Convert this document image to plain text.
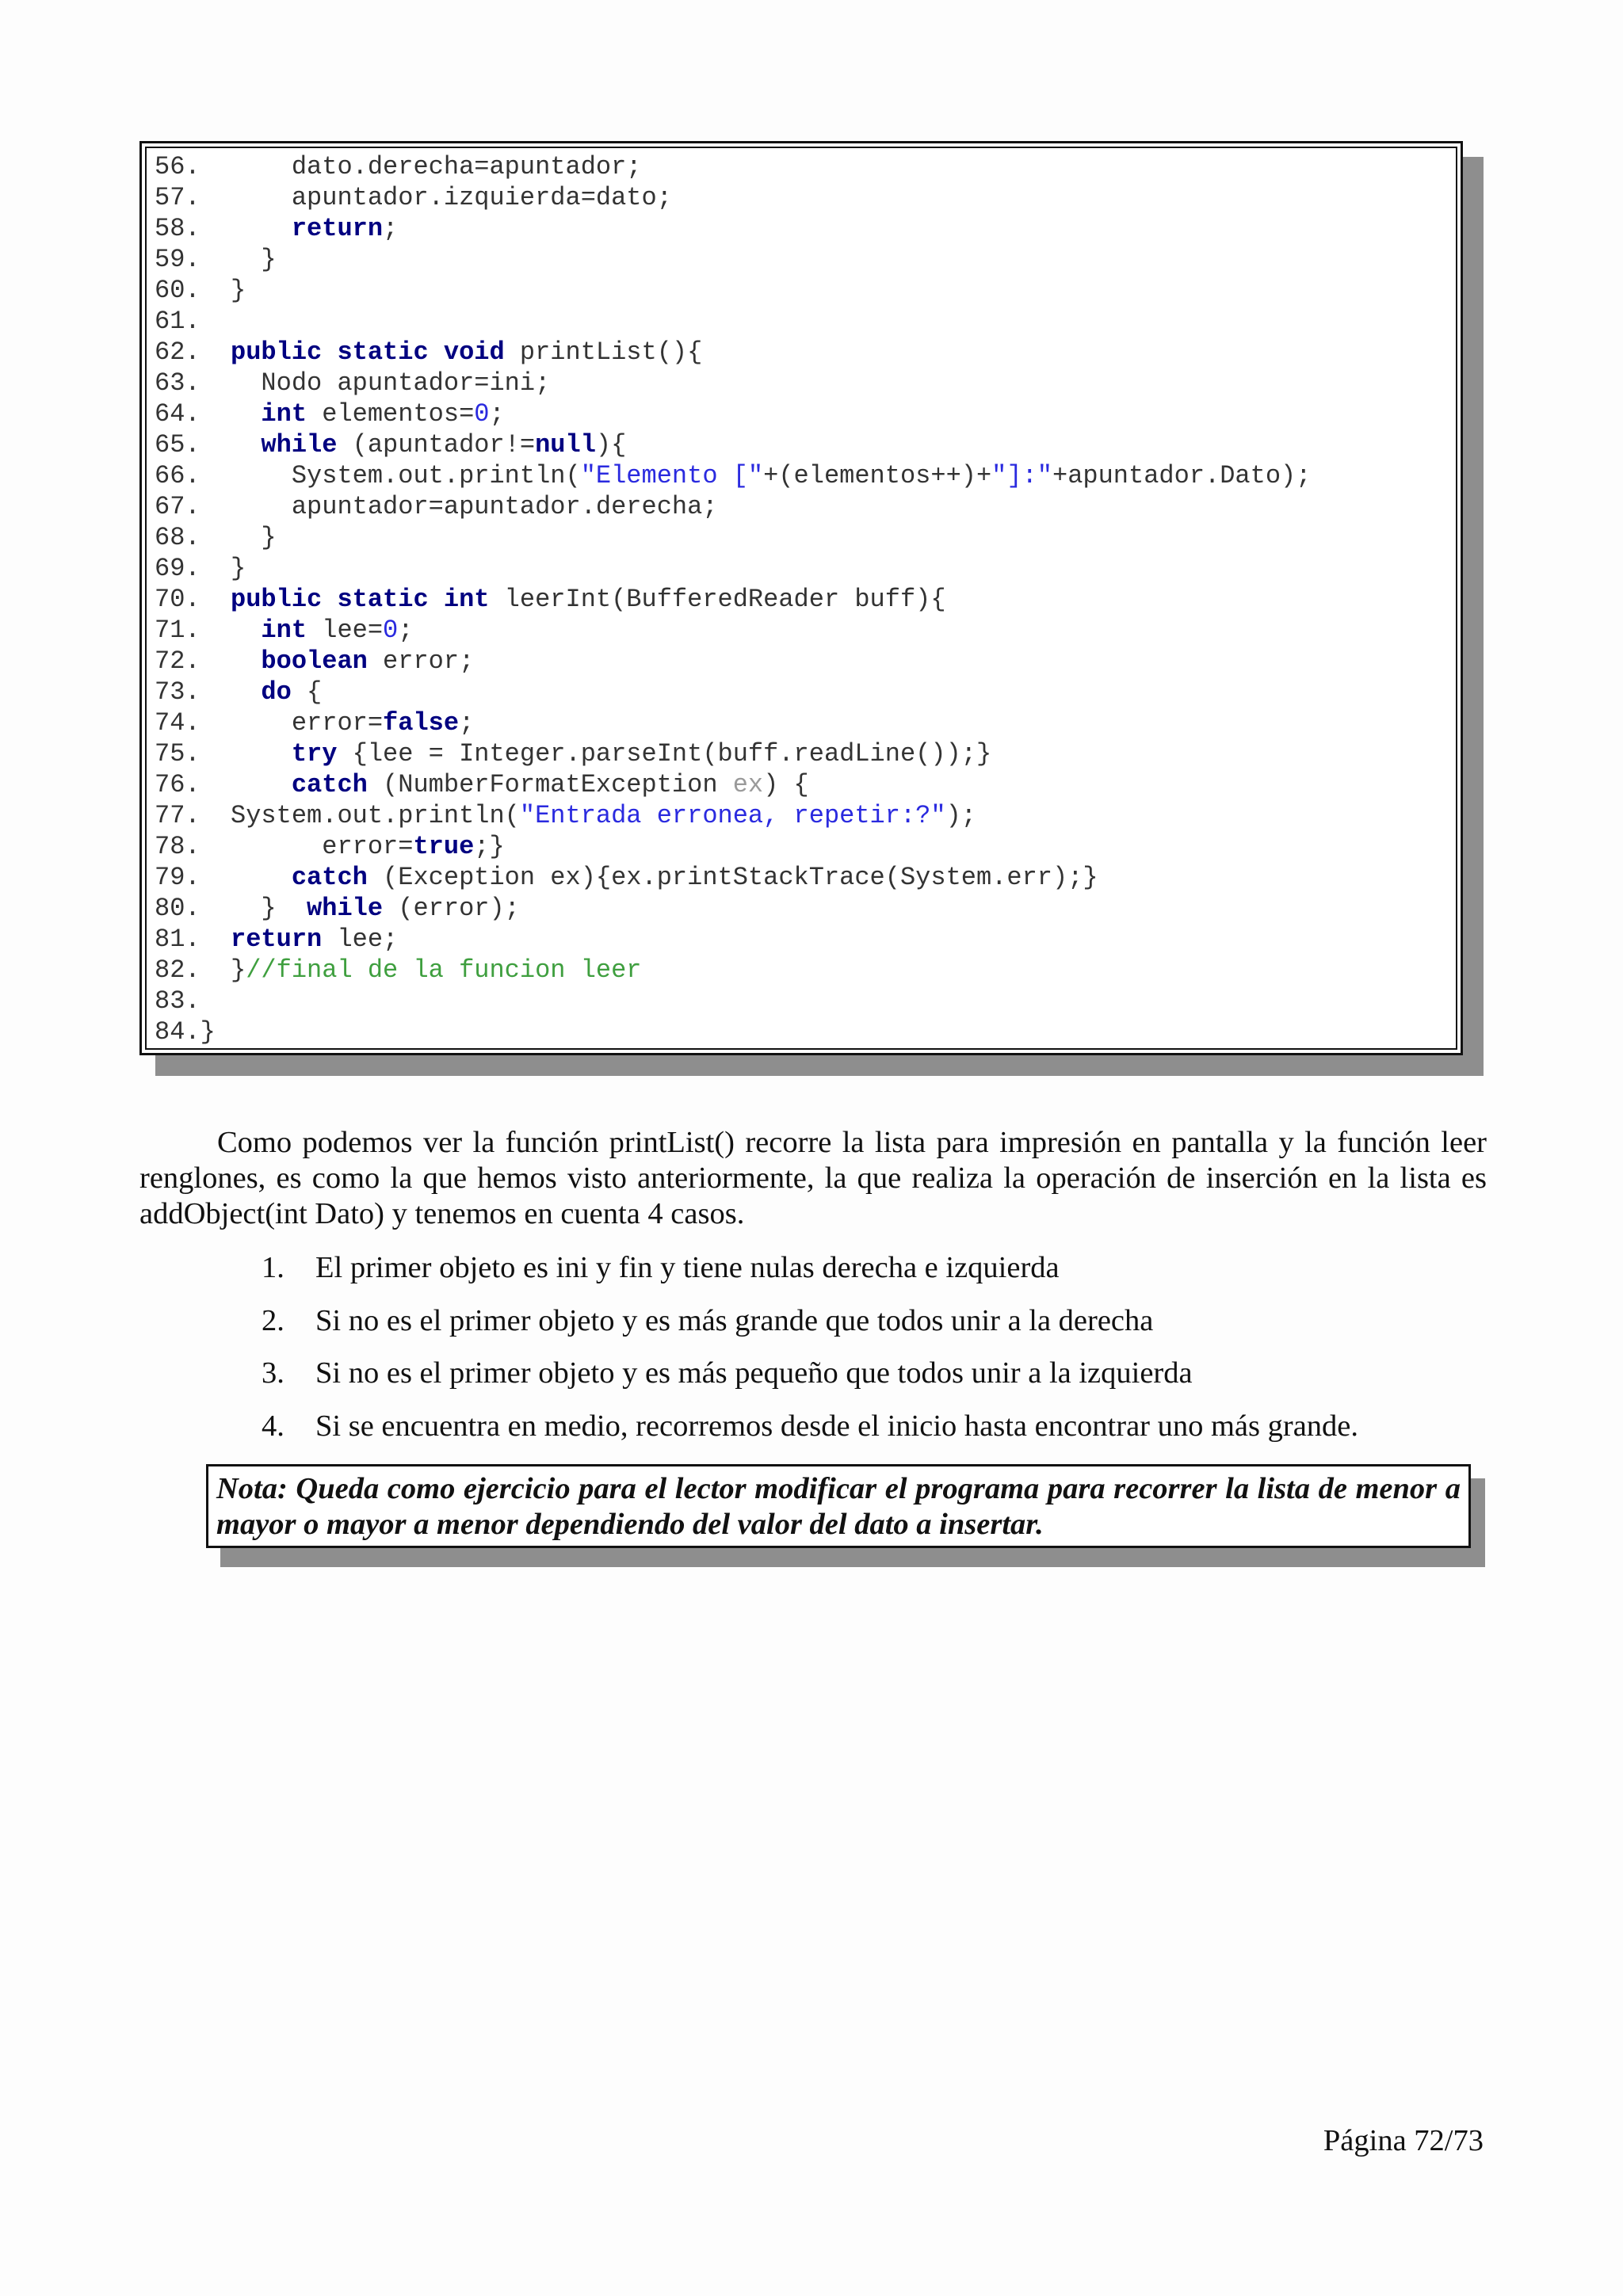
56.      dato.derecha=apuntador;
57.      apuntador.izquierda=dato;
58.      return;
59.    }
60.  }
61.
62.  public static void printList(){
63.    Nodo apuntador=ini;
64.    int elementos=0;
65.    while (apuntador!=null){
66.      System.out.println("Elemento ["+(elementos++)+"]:"+apuntador.Dato);
67.      apuntador=apuntador.derecha;
68.    }
69.  }
70.  public static int leerInt(BufferedReader buff){
71.    int lee=0;
72.    boolean error;
73.    do {
74.      error=false;
75.      try {lee = Integer.parseInt(buff.readLine());}
76.      catch (NumberFormatException ex) {
77.  System.out.println("Entrada erronea, repetir:?");
78.        error=true;}
79.      catch (Exception ex){ex.printStackTrace(System.err);}
80.    }  while (error);
81.  return lee;
82.  }//final de la funcion leer
83.
84.}

Como podemos ver la función printList() recorre la lista para impresión en pantalla y la función leer renglones, es como la que hemos visto anteriormente, la que realiza la operación de inserción en la lista es addObject(int Dato) y tenemos en cuenta 4 casos.

1. El primer objeto es ini y fin y tiene nulas derecha e izquierda
2. Si no es el primer objeto y es más grande que todos unir a la derecha
3. Si no es el primer objeto y es más pequeño que todos unir a la izquierda
4. Si se encuentra en medio, recorremos desde el inicio hasta encontrar uno más grande.
Nota: Queda como ejercicio para el lector modificar el programa para recorrer la lista de menor a mayor o mayor a menor dependiendo del valor del dato a insertar.
Página 72/73
